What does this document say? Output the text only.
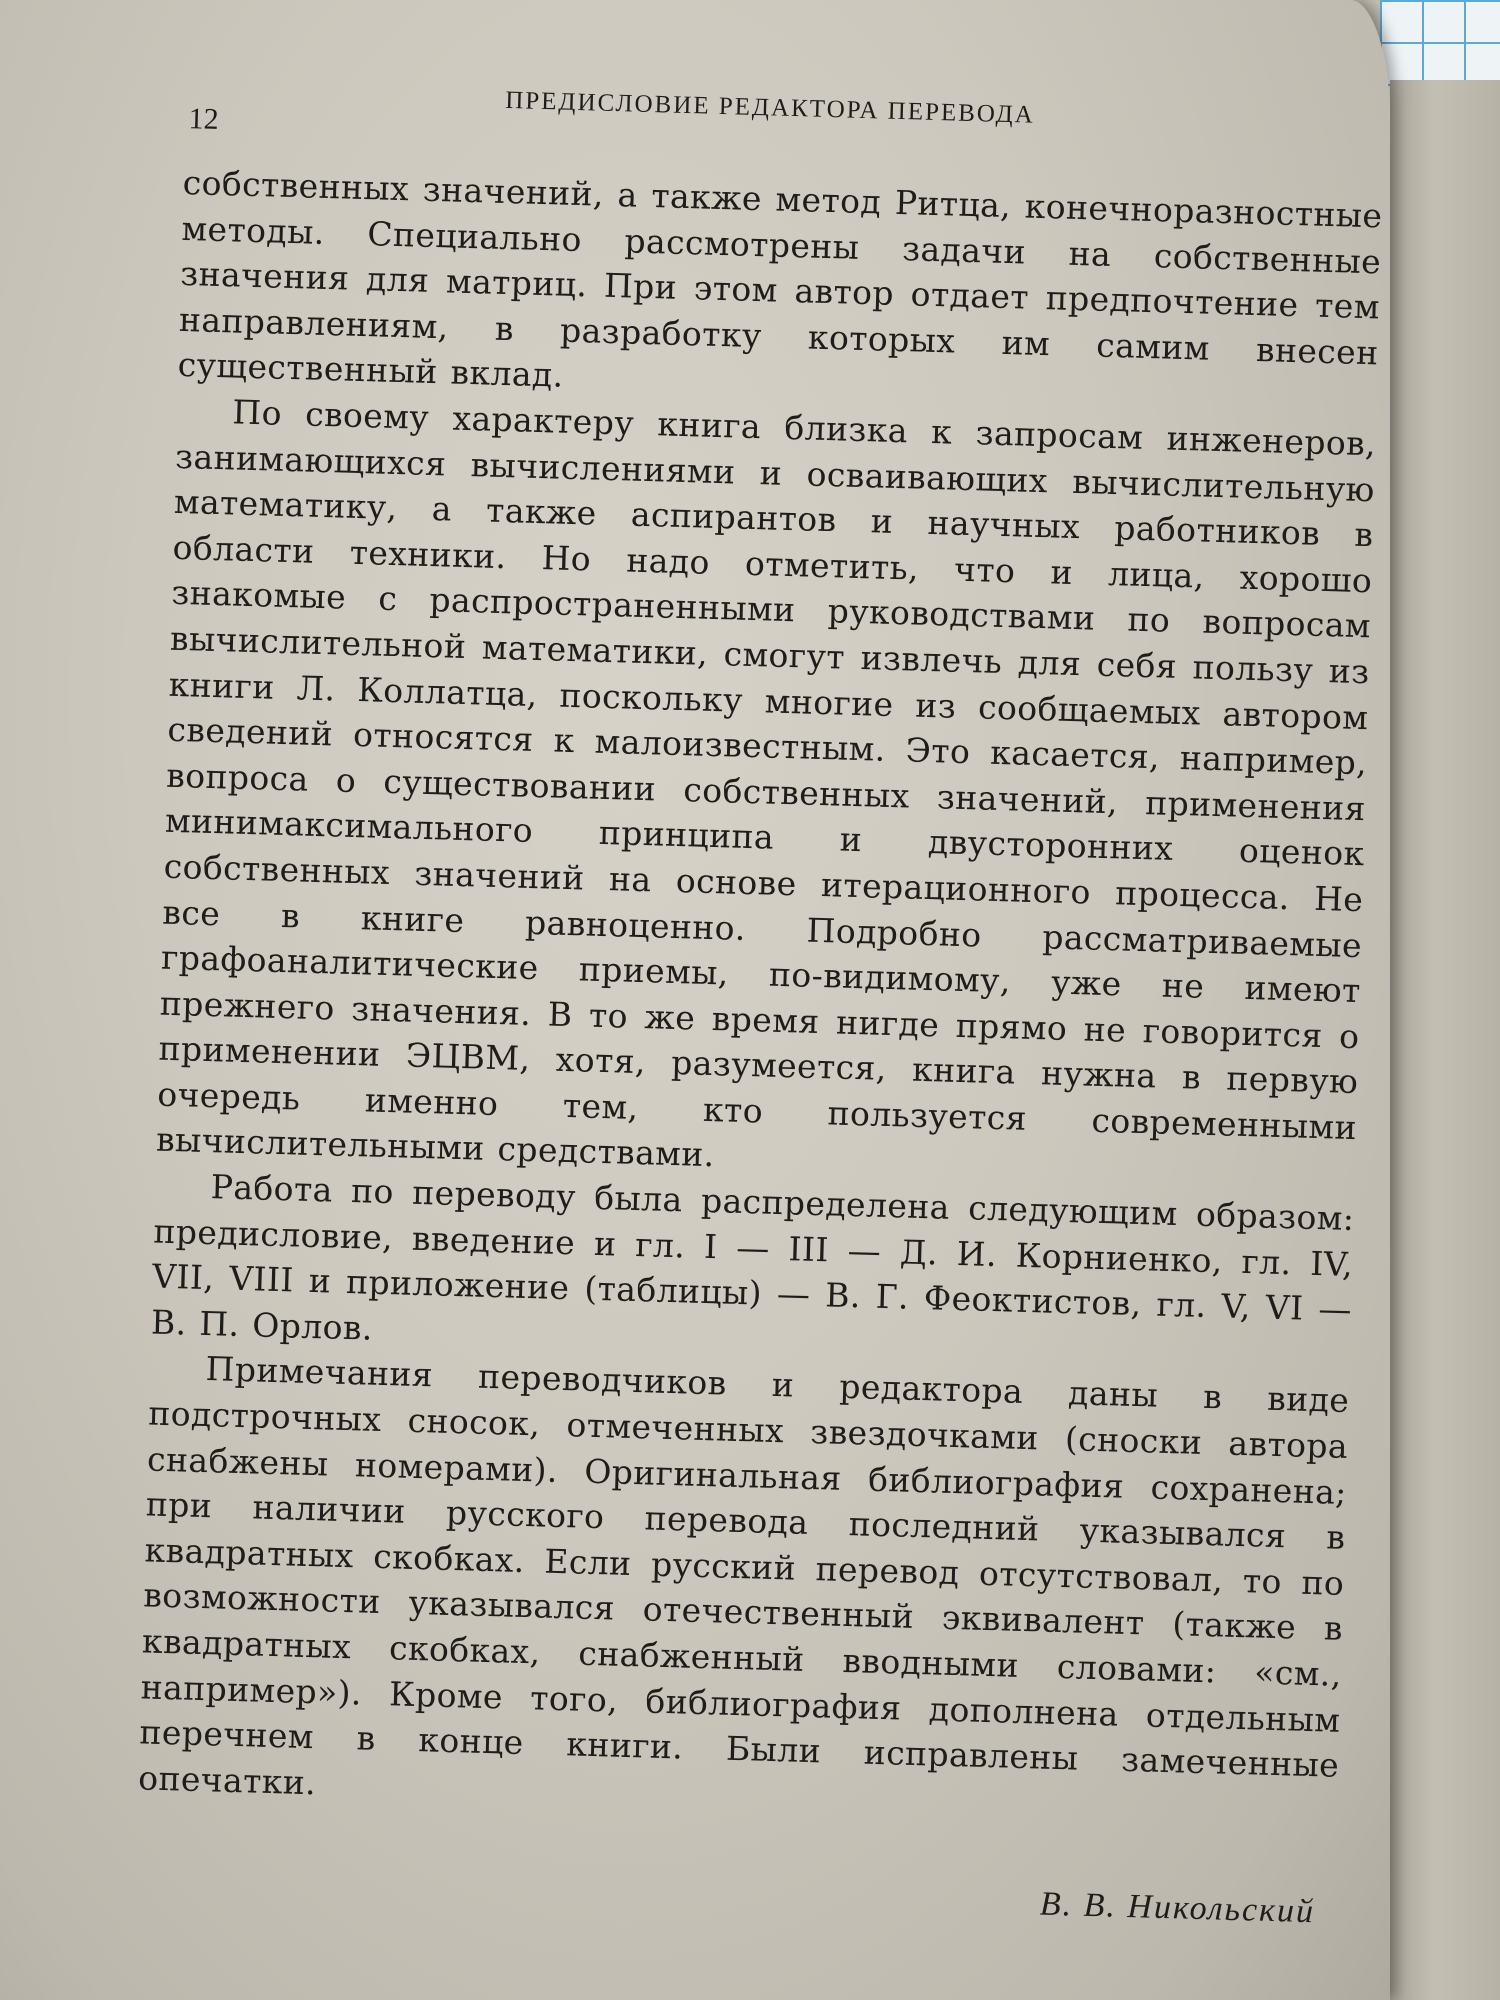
12	ПРЕДИСЛОВИЕ РЕДАКТОРА ПЕРЕВОДА

собственных значений, а также метод Ритца, конечноразностные методы. Специально рассмотрены задачи на собственные значения для матриц. При этом автор отдает предпочтение тем направлениям, в разработку которых им самим внесен существенный вклад.

По своему характеру книга близка к запросам инженеров, занимающихся вычислениями и осваивающих вычислительную математику, а также аспирантов и научных работников в области техники. Но надо отметить, что и лица, хорошо знакомые с распространенными руководствами по вопросам вычислительной математики, смогут извлечь для себя пользу из книги Л. Коллатца, поскольку многие из сообщаемых автором сведений относятся к малоизвестным. Это касается, например, вопроса о существовании собственных значений, применения минимаксимального принципа и двусторонних оценок собственных значений на основе итерационного процесса. Не все в книге равноценно. Подробно рассматриваемые графоаналитические приемы, по-видимому, уже не имеют прежнего значения. В то же время нигде прямо не говорится о применении ЭЦВМ, хотя, разумеется, книга нужна в первую очередь именно тем, кто пользуется современными вычислительными средствами.

Работа по переводу была распределена следующим образом: предисловие, введение и гл. I — III — Д. И. Корниенко, гл. IV, VII, VIII и приложение (таблицы) — В. Г. Феоктистов, гл. V, VI — В. П. Орлов.

Примечания переводчиков и редактора даны в виде подстрочных сносок, отмеченных звездочками (сноски автора снабжены номерами). Оригинальная библиография сохранена; при наличии русского перевода последний указывался в квадратных скобках. Если русский перевод отсутствовал, то по возможности указывался отечественный эквивалент (также в квадратных скобках, снабженный вводными словами: «см., например»). Кроме того, библиография дополнена отдельным перечнем в конце книги. Были исправлены замеченные опечатки.

В. В. Никольский
